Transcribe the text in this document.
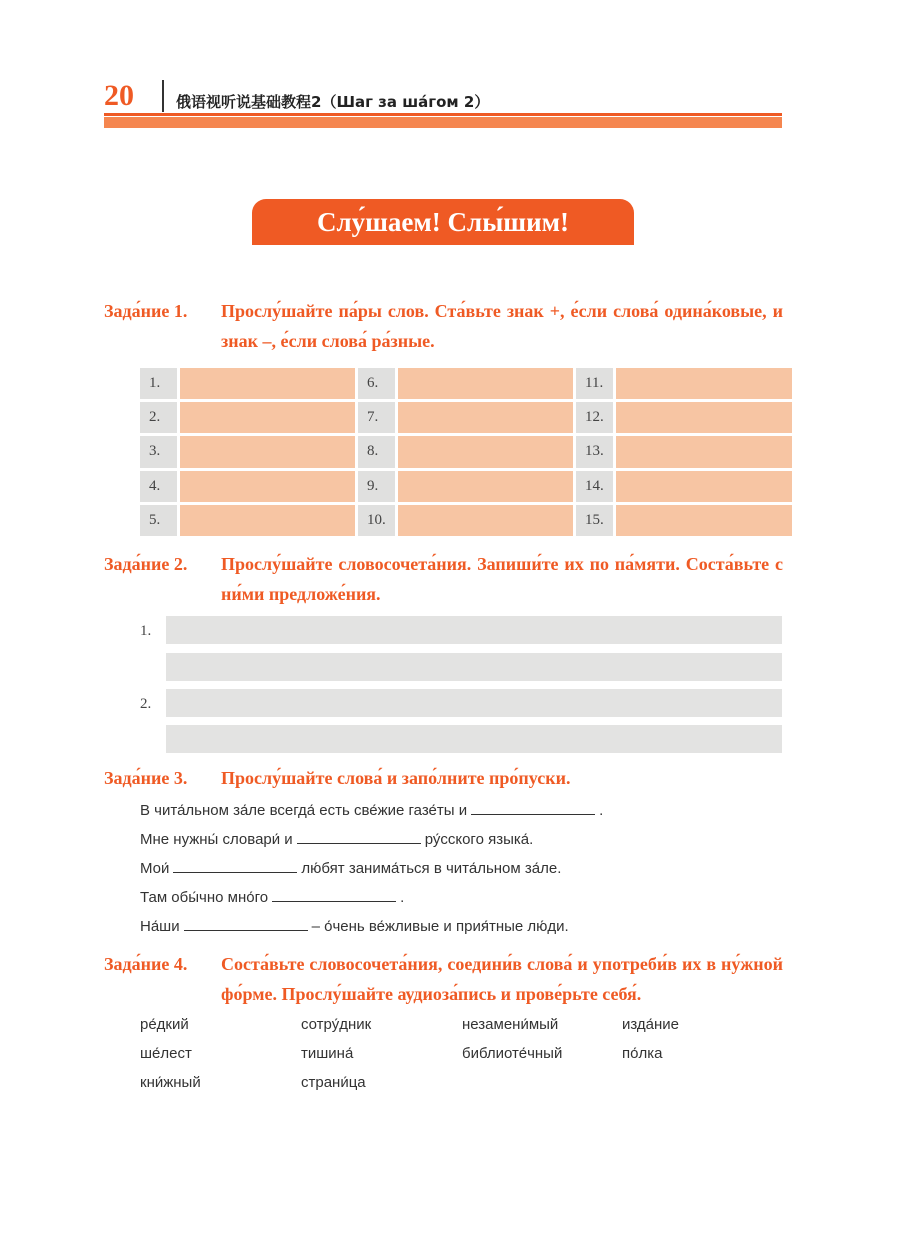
20	俄语视听说基础教程2（Шаг за шáгом 2）
Слу́шаем! Слы́шим!
Зада́ние 1. Прослу́шайте па́ры слов. Ста́вьте знак +, е́сли слова́ одина́ковые, и знак –, е́сли слова́ ра́зные.
1.	6.	11.
2.	7.	12.
3.	8.	13.
4.	9.	14.
5.	10.	15.
Зада́ние 2. Прослу́шайте словосочета́ния. Запиши́те их по па́мяти. Соста́вьте с ни́ми предложе́ния.
1.
2.
Зада́ние 3. Прослу́шайте слова́ и запо́лните про́пуски.
В чита́льном за́ле всегда́ есть све́жие газе́ты и	.
Мне нужны́ словари́ и	ру́сского языка́.
Мои́	лю́бят занима́ться в чита́льном за́ле.
Там обы́чно мно́го	.
На́ши	– о́чень ве́жливые и прия́тные лю́ди.
Зада́ние 4. Соста́вьте словосочета́ния, соедини́в слова́ и употреби́в их в ну́жной фо́рме. Прослу́шайте аудиоза́пись и прове́рьте себя́.
ре́дкий	сотру́дник	незамени́мый	изда́ние
ше́лест	тишина́	библиоте́чный	по́лка
кни́жный	страни́ца
